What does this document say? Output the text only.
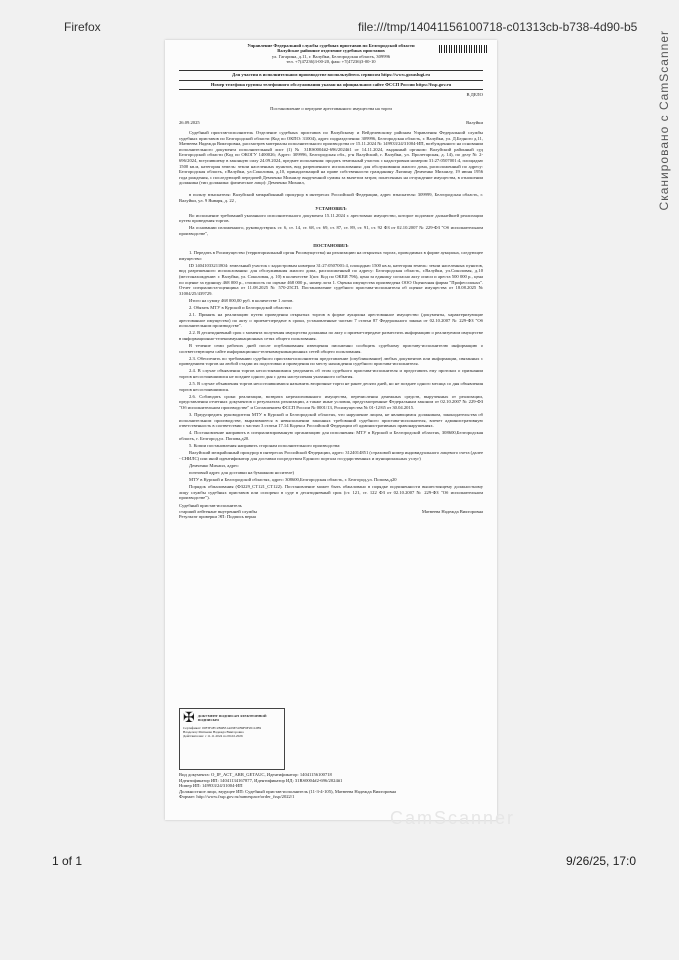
Firefox	file:///tmp/14041156100718-c01313cb-b738-4d90-b5
Сканировано с CamScanner
Управление Федеральной службы судебных приставов по Белгородской области
Валуйское районное отделение судебных приставов
ул. Гагарина, д.11, г. Валуйки, Белгородская область, 309996
тел. +7(47236)3-00-20, факс +7(47236)3-00-10
Для участия в исполнительном производстве воспользуйтесь сервисом https://www.gosuslugi.ru
Номер телефона группы телефонного обслуживания указан на официальном сайте ФССП России https://fssp.gov.ru
В ДЕЛО
Постановление о передаче арестованного имущества на торги
26.09.2025	Валуйки

Судебный пристав-исполнитель Отделение судебных приставов по Валуйскому и Вейделевскому районам Управления Федеральной службы судебных приставов по Белгородской области (Код по ОКПО: 31004), адрес подразделения: 309996, Белгородская область, г. Валуйки, ул. Д.Бедного д.11, Матвеева Надежда Викторовна, рассмотрев материалы исполнительного производства от 15.11.2024 № 149933/24/31004-ИП, возбужденного на основании исполнительного документа исполнительный лист (1) № 31RS0004#2-696/2024#1 от 14.11.2024, выданный органом: Валуйский районный суд Белгородской области (Код по ОКОГУ 1400026; Адрес: 309996, Белгородская обл., р-н Валуйский, г. Валуйки, ул. Пролетарская, д. 14), по делу № 2-696/2024, вступившему в законную силу 24.09.2024, предмет исполнения: продать земельный участок с кадастровым номером 31:27:0507001:4, площадью 1500 кв.м, категория земель: земли населенных пунктов, вид разрешенного использования: для обслуживания жилого дома, расположенный по адресу: Белгородская область, г.Валуйки, ул.Соколовая, д.10, принадлежащий на праве собственности гражданину Лягиину Демченко Михаилу, 19 июня 1956 года рождения, с последующей передачей Демченко Михаилу вырученной суммы за вычетом затрат, понесенных на отчуждение имущества, в отношении должника (тип должника: физическое лицо): Демченко Михаил,

в пользу взыскателя: Валуйский межрайонный прокурор в интересах Российской Федерации, адрес взыскателя: 309999, Белгородская область, г. Валуйки, ул. 9 Января, д. 22 ,

УСТАНОВИЛ:

Во исполнение требований указанного исполнительного документа 15.11.2024 г. арестовано имущество, которое подлежит дальнейшей реализации путем проведения торгов.

На основании изложенного, руководствуясь ст. 6, ст. 14, ст. 68, ст. 69, ст. 87, ст. 89, ст. 91, ст. 92 ФЗ от 02.10.2007 № 229-ФЗ "Об исполнительном производстве",

ПОСТАНОВИЛ:

1. Передать в Росимущество (территориальный орган Росимущества) на реализацию на открытых торгах, проводимых в форме аукциона, следующее имущество:

ID 14041033211804: земельный участок с кадастровым номером 31:27:0507001:4, площадью 1500 кв.м, категория земель: земли населенных пунктов, вид разрешенного использования: для обслуживания жилого дома, расположенный по адресу: Белгородская область, г.Валуйки, ул.Соколовая, д.10 (местонахождение: г. Валуйки, ул. Соколовая, д. 10) в количестве 1(шт. Код по ОКЕИ 796), цена за единицу согласно акту описи и ареста 500 000 р., цена по оценке за единицу 468 000 р., стоимость по оценке 468 000 р., номер лота 1. Оценка имущества произведена ООО Оценочная фирма "Профессионал". Отчет специалиста-оценщика от 11.08.2025 № 570-25СП. Постановление судебного пристава-исполнителя об оценке имущества от 18.08.2025 № 31004/25/439729.

Итого на сумму 468 000,00 руб. в количестве 1 лотов.

2. Обязать МТУ в Курской и Белгородской областях:

2.1. Принять на реализацию путем проведения открытых торгов в форме аукциона арестованное имущество (документы, характеризующие арестованное имущество) по акту о приеме-передаче в сроки, установленные частью 7 статьи 87 Федерального закона от 02.10.2007 № 229-ФЗ "Об исполнительном производстве".

2.2. В десятидневный срок с момента получения имущества должника по акту о приеме-передаче разместить информацию о реализуемом имуществе в информационно-телекоммуникационных сетях общего пользования.

В течение семи рабочих дней после опубликования извещения письменно сообщить судебному приставу-исполнителю информацию о соответствующем сайте информационно-телекоммуникационных сетей общего пользования.

2.3. Обеспечить по требованию судебного пристава-исполнителя представление (опубликование) любых документов или информации, связанных с проведением торгов на любой стадии их подготовки и проведения по месту нахождения судебного пристава-исполнителя.

2.4. В случае объявления торгов несостоявшимися уведомить об этом судебного пристава-исполнителя и представить ему протокол о признании торгов несостоявшимися не позднее одного дня с даты наступления указанного события.

2.5. В случае объявления торгов несостоявшимися назначить вторичные торги не ранее десяти дней, но не позднее одного месяца со дня объявления торгов несостоявшимися.

2.6. Соблюдать сроки реализации, возврата нереализованного имущества, перечисления денежных средств, вырученных от реализации, представления отчетных документов о результатах реализации, а также иные условия, предусмотренные Федеральным законом от 02.10.2007 № 229-ФЗ "Об исполнительном производстве" и Соглашением ФССП России № 0001/13, Росимущества № 01-12/65 от 30.04.2015.

3. Предупредить руководителя МТУ в Курской и Белгородской областях, что нарушение лицом, не являющимся должником, законодательства об исполнительном производстве, выразившееся в невыполнении законных требований судебного пристава-исполнителя, влечет административную ответственность в соответствии с частью 3 статьи 17.14 Кодекса Российской Федерации об административных правонарушениях.

4. Постановление направить в специализированную организацию для исполнения: МТУ в Курской и Белгородской областях, 308600,Белгородская область, г. Белгород,ул. Попова,д20.

5. Копии постановления направить сторонам исполнительного производства:

Валуйский межрайонный прокурор в интересах Российской Федерации, адрес: 3124014851 (страховой номер индивидуального лицевого счета (далее - СНИЛС) или иной идентификатор для доставки посредством Единого портала государственных и муниципальных услуг)

Демченко Михаил, адрес:

почтовый адрес для доставки на бумажном носителе)

МТУ в Курской и Белгородской областях, адрес: 308600,Белгородская область, г. Белгород,ул. Попова,д20

Порядок обжалования (Ф3229_СТ121_СТ122). Постановление может быть обжаловано в порядке подчиненности вышестоящему должностному лицу службы судебных приставов или оспорено в суде в десятидневный срок (ст. 121, ст. 122 ФЗ от 02.10.2007 № 229-ФЗ "Об исполнительном производстве").

Судебный пристав-исполнитель
старший лейтенант внутренней службы	Матвеева Надежда Викторовна
Результат проверки ЭП: Подпись верна
✠ ДОКУМЕНТ ПОДПИСАН ЭЛЕКТРОННОЙ ПОДПИСЬЮ
Сертификат: 00F3F4FC2B4B31A09E51B9F6F20112B9
Владелец: Матвеева Надежда Викторовна
Действителен: с 11.11.2024 по 06.02.2026
Вид документа: O_IP_ACT_ARR_GETAUC, Идентификатор: 14041156100718
Идентификатор ИП: 14041134167877, Идентификатор ИД: 31RS0004#2-696/2024#1
Номер ИП: 149933/24/31004-ИП
Должностное лицо, ведущее ИП: Судебный пристав-исполнитель (11-3-4-105), Матвеева Надежда Викторовна
Формат: http://www.fssp.gov.ru/namespace/order_fssp/2022/1
CamScanner
1 of 1	9/26/25, 17:0
